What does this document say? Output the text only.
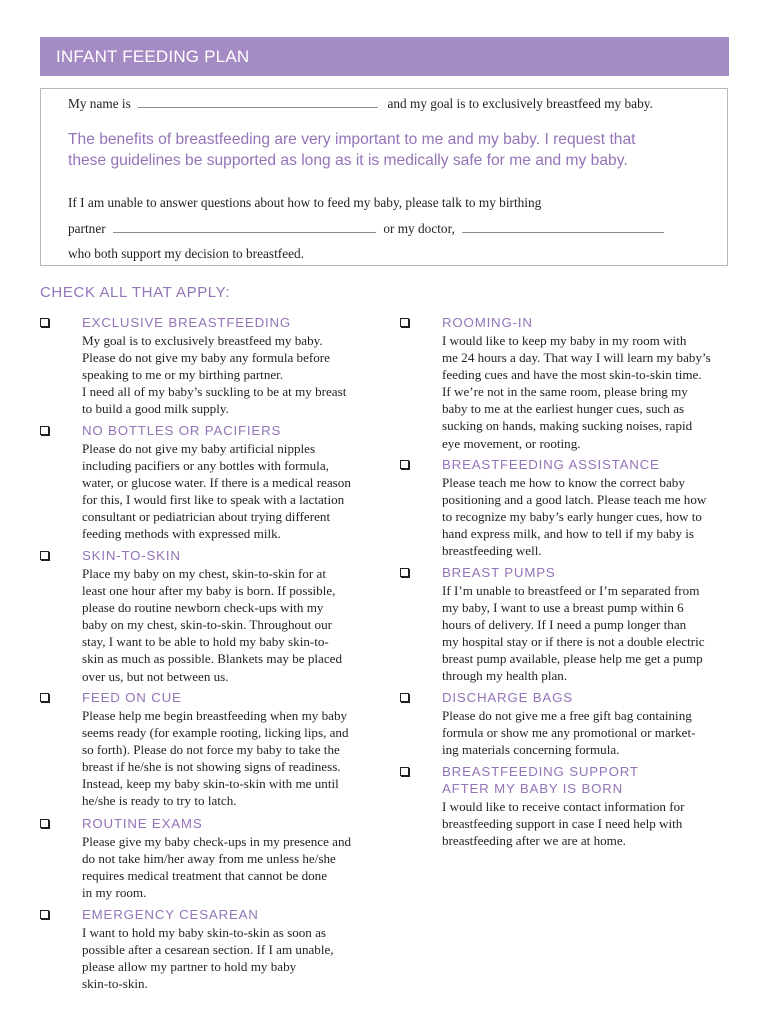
INFANT FEEDING PLAN
My name is	and my goal is to exclusively breastfeed my baby.
The benefits of breastfeeding are very important to me and my baby. I request that
these guidelines be supported as long as it is medically safe for me and my baby.
If I am unable to answer questions about how to feed my baby, please talk to my birthing
partner	or my doctor,
who both support my decision to breastfeed.
CHECK ALL THAT APPLY:
EXCLUSIVE BREASTFEEDING
My goal is to exclusively breastfeed my baby.
Please do not give my baby any formula before
speaking to me or my birthing partner.
I need all of my baby’s suckling to be at my breast
to build a good milk supply.
NO BOTTLES OR PACIFIERS
Please do not give my baby artificial nipples
including pacifiers or any bottles with formula,
water, or glucose water. If there is a medical reason
for this, I would first like to speak with a lactation
consultant or pediatrician about trying different
feeding methods with expressed milk.
SKIN-TO-SKIN
Place my baby on my chest, skin-to-skin for at
least one hour after my baby is born. If possible,
please do routine newborn check-ups with my
baby on my chest, skin-to-skin. Throughout our
stay, I want to be able to hold my baby skin-to-
skin as much as possible. Blankets may be placed
over us, but not between us.
FEED ON CUE
Please help me begin breastfeeding when my baby
seems ready (for example rooting, licking lips, and
so forth). Please do not force my baby to take the
breast if he/she is not showing signs of readiness.
Instead, keep my baby skin-to-skin with me until
he/she is ready to try to latch.
ROUTINE EXAMS
Please give my baby check-ups in my presence and
do not take him/her away from me unless he/she
requires medical treatment that cannot be done
in my room.
EMERGENCY CESAREAN
I want to hold my baby skin-to-skin as soon as
possible after a cesarean section. If I am unable,
please allow my partner to hold my baby
skin-to-skin.
ROOMING-IN
I would like to keep my baby in my room with
me 24 hours a day. That way I will learn my baby’s
feeding cues and have the most skin-to-skin time.
If we’re not in the same room, please bring my
baby to me at the earliest hunger cues, such as
sucking on hands, making sucking noises, rapid
eye movement, or rooting.
BREASTFEEDING ASSISTANCE
Please teach me how to know the correct baby
positioning and a good latch. Please teach me how
to recognize my baby’s early hunger cues, how to
hand express milk, and how to tell if my baby is
breastfeeding well.
BREAST PUMPS
If I’m unable to breastfeed or I’m separated from
my baby, I want to use a breast pump within 6
hours of delivery. If I need a pump longer than
my hospital stay or if there is not a double electric
breast pump available, please help me get a pump
through my health plan.
DISCHARGE BAGS
Please do not give me a free gift bag containing
formula or show me any promotional or market-
ing materials concerning formula.
BREASTFEEDING SUPPORT
AFTER MY BABY IS BORN
I would like to receive contact information for
breastfeeding support in case I need help with
breastfeeding after we are at home.
